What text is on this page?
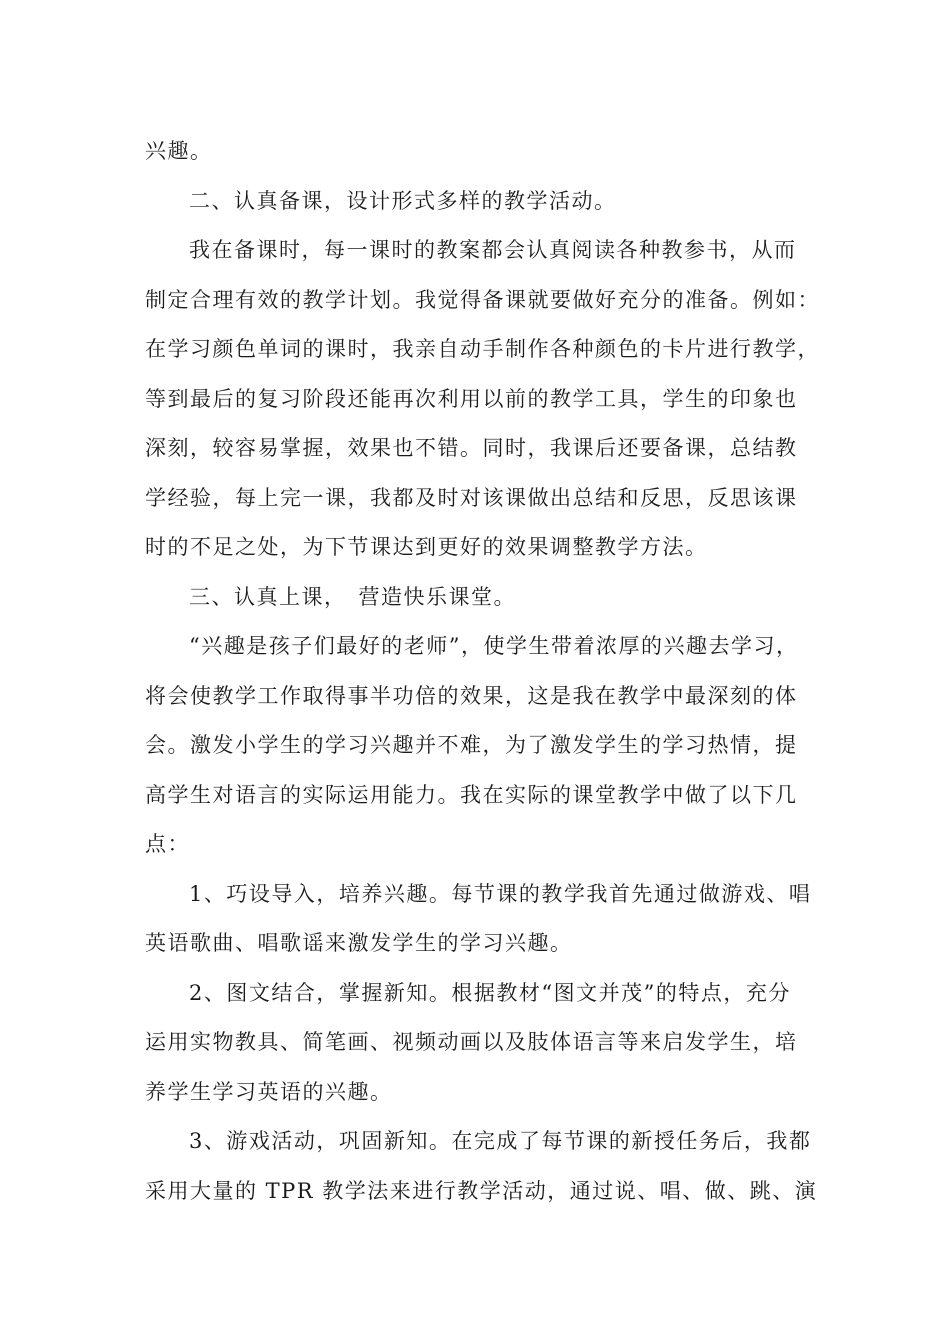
兴趣。
二、认真备课，设计形式多样的教学活动。
我在备课时，每一课时的教案都会认真阅读各种教参书，从而
制定合理有效的教学计划。我觉得备课就要做好充分的准备。例如：
在学习颜色单词的课时，我亲自动手制作各种颜色的卡片进行教学，
等到最后的复习阶段还能再次利用以前的教学工具，学生的印象也
深刻，较容易掌握，效果也不错。同时，我课后还要备课，总结教
学经验，每上完一课，我都及时对该课做出总结和反思，反思该课
时的不足之处，为下节课达到更好的效果调整教学方法。
三、认真上课，　营造快乐课堂。
“兴趣是孩子们最好的老师”，使学生带着浓厚的兴趣去学习，
将会使教学工作取得事半功倍的效果，这是我在教学中最深刻的体
会。激发小学生的学习兴趣并不难，为了激发学生的学习热情，提
高学生对语言的实际运用能力。我在实际的课堂教学中做了以下几
点：
1、巧设导入，培养兴趣。每节课的教学我首先通过做游戏、唱
英语歌曲、唱歌谣来激发学生的学习兴趣。
2、图文结合，掌握新知。根据教材“图文并茂”的特点，充分
运用实物教具、简笔画、视频动画以及肢体语言等来启发学生，培
养学生学习英语的兴趣。
3、游戏活动，巩固新知。在完成了每节课的新授任务后，我都
采用大量的 TPR 教学法来进行教学活动，通过说、唱、做、跳、演
